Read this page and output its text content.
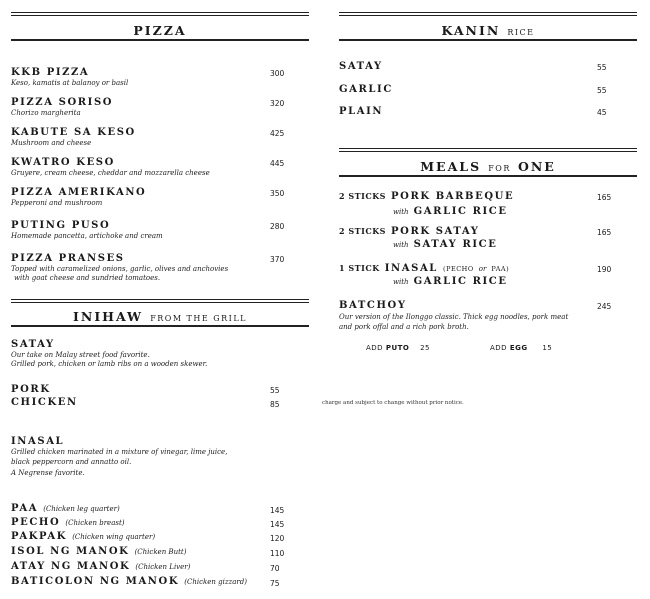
PIZZA
KKB PIZZA
Keso, kamatis at balanoy or basil
300
PIZZA SORISO
Chorizo margherita
320
KABUTE SA KESO
Mushroom and cheese
425
KWATRO KESO
Gruyere, cream cheese, cheddar and mozzarella cheese
445
PIZZA AMERIKANO
Pepperoni and mushroom
350
PUTING PUSO
Homemade pancetta, artichoke and cream
280
PIZZA PRANSES
Topped with caramelized onions, garlic, olives and anchovies
with goat cheese and sundried tomatoes.
370
INIHAW FROM THE GRILL
SATAY
Our take on Malay street food favorite.
Grilled pork, chicken or lamb ribs on a wooden skewer.
PORK	55
CHICKEN	85
INASAL
Grilled chicken marinated in a mixture of vinegar, lime juice,
black peppercorn and annatto oil.
A Negrense favorite.
PAA (Chicken leg quarter)	145
PECHO (Chicken breast)	145
PAKPAK (Chicken wing quarter)	120
ISOL NG MANOK (Chicken Butt)	110
ATAY NG MANOK (Chicken Liver)	70
BATICOLON NG MANOK (Chicken gizzard)	75
KANIN RICE
SATAY	55
GARLIC	55
PLAIN	45
MEALS FOR ONE
2 STICKS PORK BARBEQUE
with GARLIC RICE
165
2 STICKS PORK SATAY
with SATAY RICE
165
1 STICK INASAL (PECHO or PAA)
with GARLIC RICE
190
BATCHOY
Our version of the Ilonggo classic. Thick egg noodles, pork meat
and pork offal and a rich pork broth.
245
ADD PUTO 25	ADD EGG 15
charge and subject to change without prior notice.
